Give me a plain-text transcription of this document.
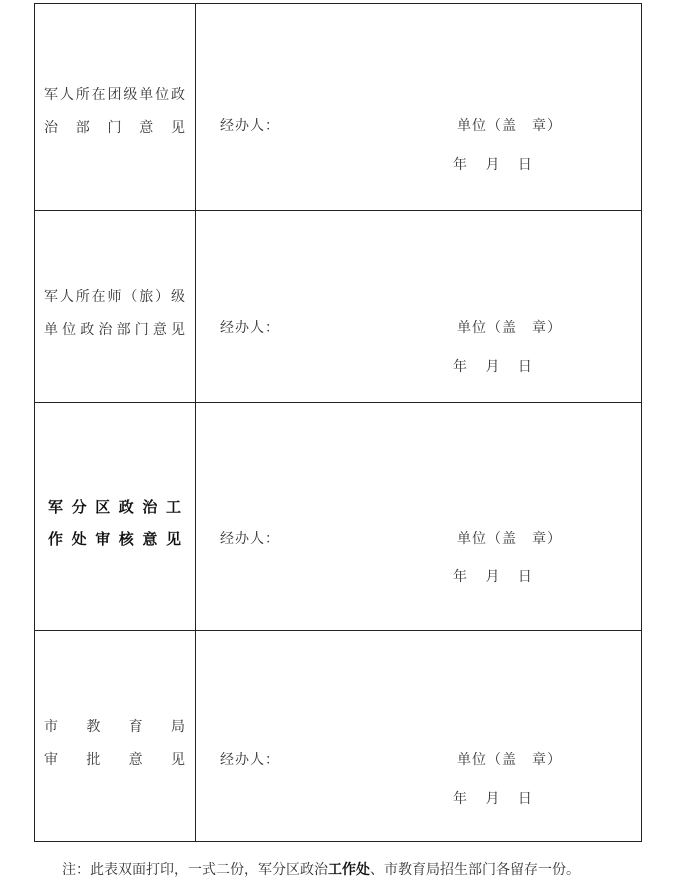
军人所在团级单位政
治　部　门　意　见 经办人：	单位（盖　章）
年　 月　 日
军人所在师（旅）级
单位政治部门意见 经办人：	单位（盖　章）
年　 月　 日
军分区政治工
作处审核意见	经办人：	单位（盖　章）
年　 月　 日
市　教　育　局
审　批　意　见 经办人：	单位（盖　章）
年　 月　 日
注：此表双面打印，一式二份，军分区政治工作处、市教育局招生部门各留存一份。
